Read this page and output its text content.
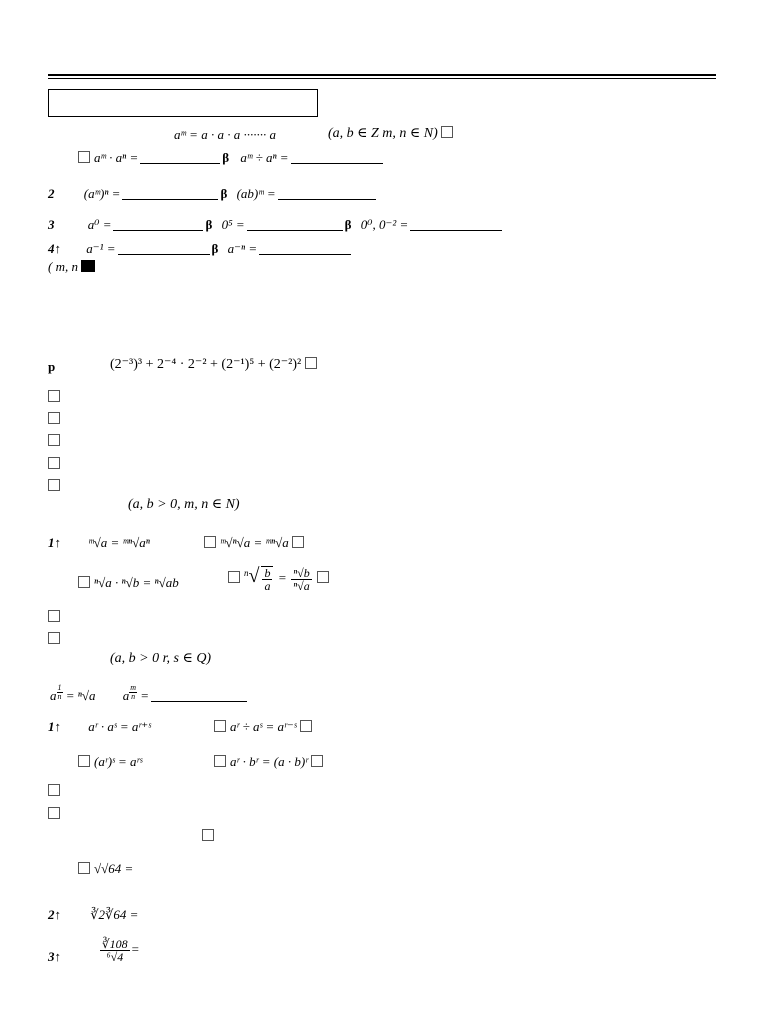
aᵐ = a · a · a ······· a	(a, b ∈ Z m, n ∈ N)
aᵐ · aⁿ =	β aᵐ ÷ aⁿ =
2 (aᵐ)ⁿ =	β (ab)ᵐ =
3	a⁰ =	β 0⁵ =	β 0⁰, 0⁻² =
4↑ a⁻¹ =	β a⁻ⁿ =
( m, n
p	(2⁻³)³ + 2⁻⁴ · 2⁻² + (2⁻¹)⁵ + (2⁻²)²
(a, b > 0, m, n ∈ N)
1↑ ᵐ√a = ᵐⁿ√aⁿ	ᵐ√ⁿ√a = ᵐⁿ√a
ⁿ√a · ⁿ√b = ⁿ√ab
$^n√ \frac{b}{a} = \frac{\text{ⁿ√b}}{\text{ⁿ√a}}$

(a, b > 0 r, s ∈ Q)
a $\frac{1}{n} = ^n√a$ a $\frac{m}{n}$ =
1↑ aʳ · aˢ = aʳ⁺ˢ	aʳ ÷ aˢ = aʳ⁻ˢ
(aʳ)ˢ = aʳˢ	aʳ · bʳ = (a · b)ʳ
√√64 =
2↑ ∛2∛64 =
3↑	$\frac{∛108}{\text{⁶√4}}$ =
